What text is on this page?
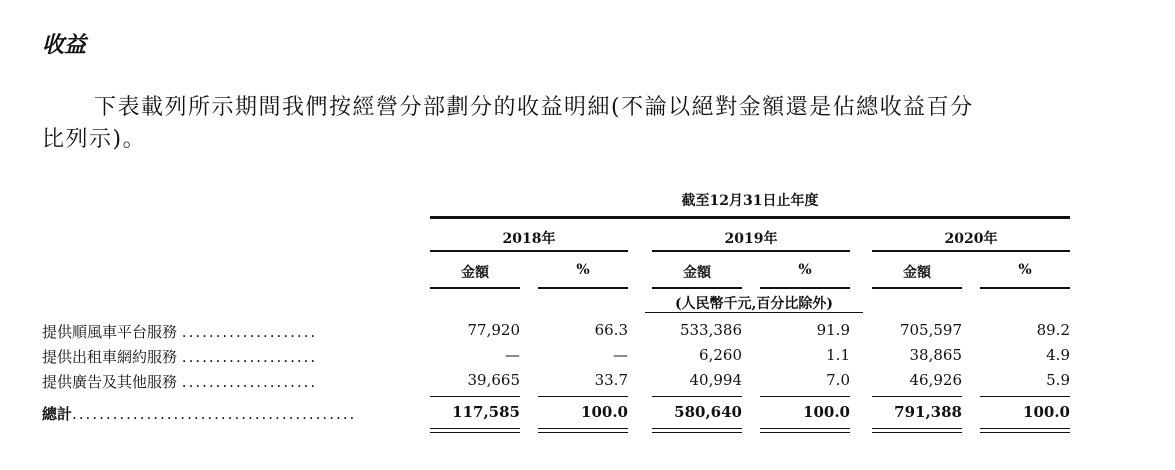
收益
下表載列所示期間我們按經營分部劃分的收益明細(不論以絕對金額還是佔總收益百分
比列示)。
截至12月31日止年度
2018年	2019年	2020年
金額	%	金額	%	金額	%
(人民幣千元,百分比除外)
提供順風車平台服務 ....................	77,920	66.3	533,386	91.9	705,597	89.2
提供出租車網約服務 ....................	—	—	6,260	1.1	38,865	4.9
提供廣告及其他服務 ....................	39,665	33.7	40,994	7.0	46,926	5.9
總計..........................................	117,585	100.0	580,640	100.0	791,388	100.0
